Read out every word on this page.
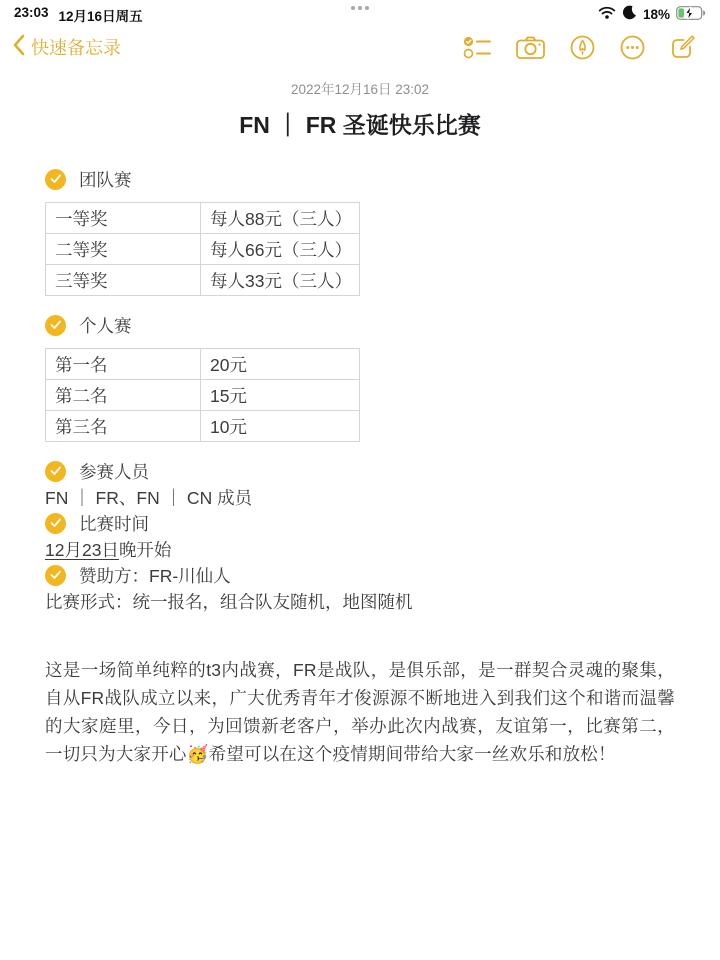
23:03 12月16日周五	18%
快速备忘录
2022年12月16日 23:02
FN ｜ FR 圣诞快乐比赛
团队赛
一等奖	每人88元（三人）
二等奖	每人66元（三人）
三等奖	每人33元（三人）
个人赛
第一名	20元
第二名	15元
第三名	10元
参赛人员
FN ｜ FR、FN ｜ CN 成员
比赛时间
12月23日 晚开始
赞助方：FR-川仙人
比赛形式：统一报名，组合队友随机，地图随机

这是一场简单纯粹的t3内战赛，FR是战队，是俱乐部，是一群契合灵魂的聚集，自从FR战队成立以来，广大优秀青年才俊源源不断地进入到我们这个和谐而温馨的大家庭里，今日，为回馈新老客户，举办此次内战赛，友谊第一，比赛第二，一切只为大家开心🥳希望可以在这个疫情期间带给大家一丝欢乐和放松！
